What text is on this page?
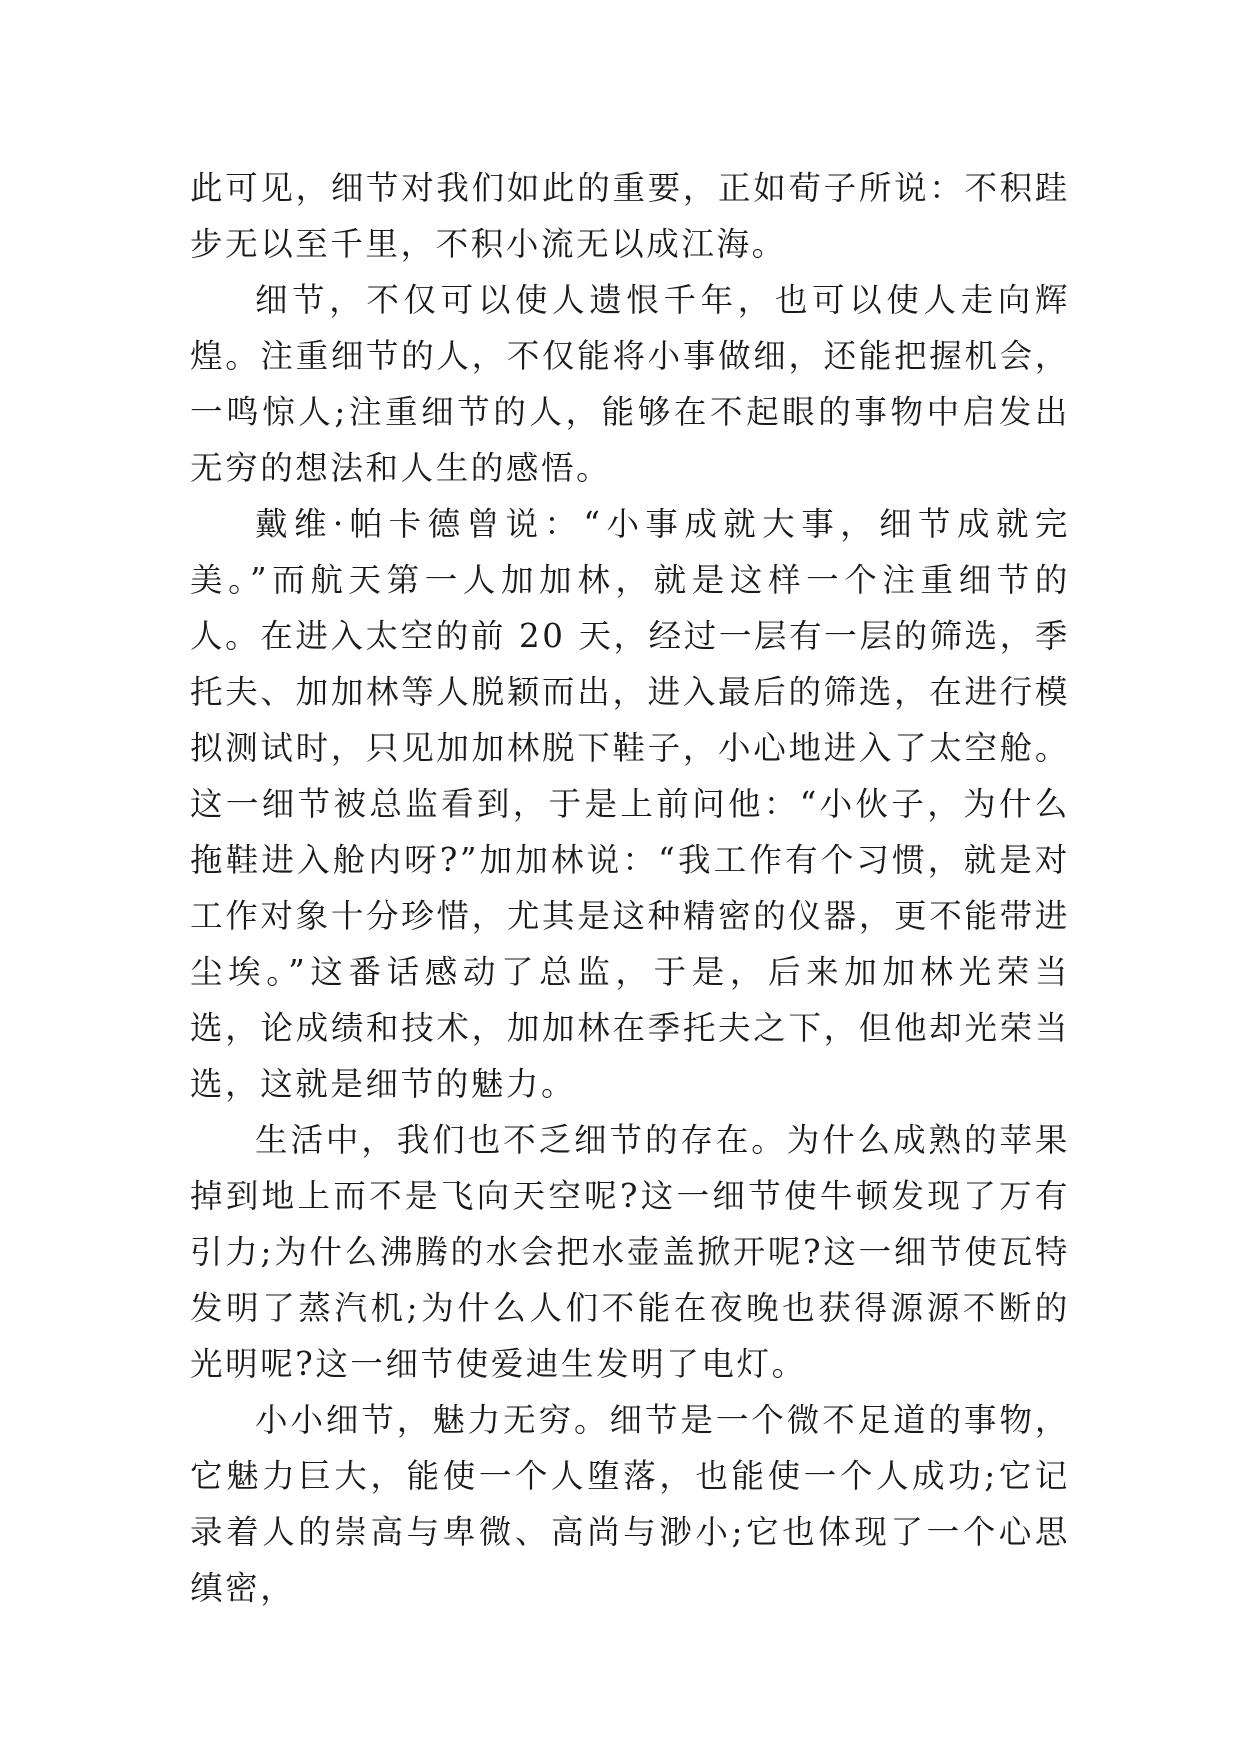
此可见，细节对我们如此的重要，正如荀子所说：不积跬步无以至千里，不积小流无以成江海。

细节，不仅可以使人遗恨千年，也可以使人走向辉煌。注重细节的人，不仅能将小事做细，还能把握机会，一鸣惊人;注重细节的人，能够在不起眼的事物中启发出无穷的想法和人生的感悟。

戴维·帕卡德曾说：“小事成就大事，细节成就完美。”而航天第一人加加林，就是这样一个注重细节的人。在进入太空的前 20 天，经过一层有一层的筛选，季托夫、加加林等人脱颖而出，进入最后的筛选，在进行模拟测试时，只见加加林脱下鞋子，小心地进入了太空舱。这一细节被总监看到，于是上前问他：“小伙子，为什么拖鞋进入舱内呀?”加加林说：“我工作有个习惯，就是对工作对象十分珍惜，尤其是这种精密的仪器，更不能带进尘埃。”这番话感动了总监，于是，后来加加林光荣当选，论成绩和技术，加加林在季托夫之下，但他却光荣当选，这就是细节的魅力。

生活中，我们也不乏细节的存在。为什么成熟的苹果掉到地上而不是飞向天空呢?这一细节使牛顿发现了万有引力;为什么沸腾的水会把水壶盖掀开呢?这一细节使瓦特发明了蒸汽机;为什么人们不能在夜晚也获得源源不断的光明呢?这一细节使爱迪生发明了电灯。

小小细节，魅力无穷。细节是一个微不足道的事物，它魅力巨大，能使一个人堕落，也能使一个人成功;它记录着人的崇高与卑微、高尚与渺小;它也体现了一个心思缜密，
